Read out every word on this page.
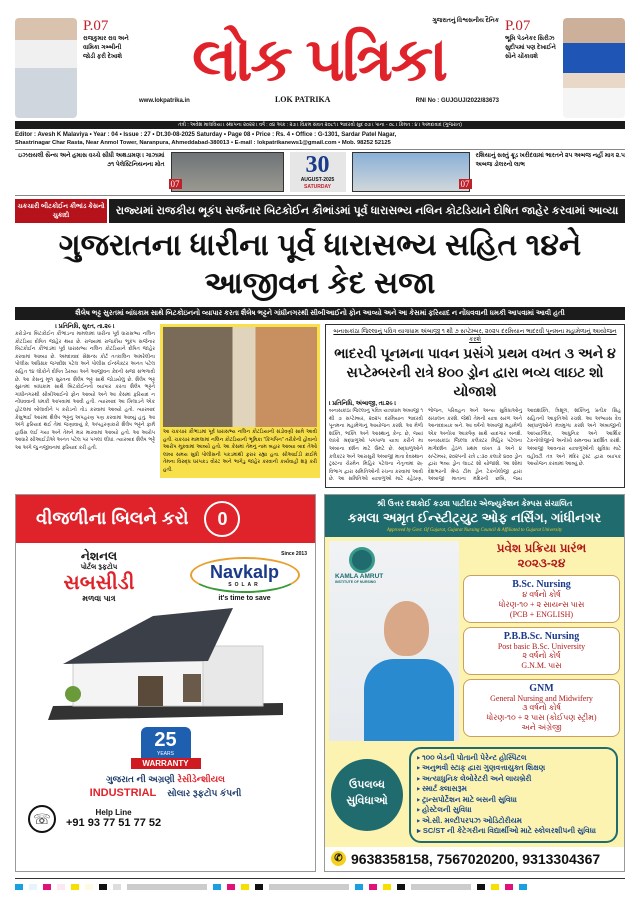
P.07
રાજકુમાર રાવ અને વામિકા ગબ્બીની જોડી ફરી દેખાશે
ગુજરાતનું વિશ્વસનીય દૈનિક
લોક પત્રિકા
www.lokpatrika.in	LOK PATRIKA	RNI No : GUJGUJ/2022/83673
P.07
ભૂમિ પેડનેકર સિરીઝ સુદીપમાં પણ દેખાઈને સૌને ચોંકાવશે
તંત્રી : અવેશ માલવિયા । સ્થાપના ૨૦૨૨ । વર્ષ : ૦૪ અંક : ૨૭ । વિક્રમ સંવત ૨૦૮૧ । ભાદરવો સુદ ૦૭ । પાના - ૦૮ । કિંમત : ૪ । અમદાવાદ (ગુજરાત)
Editor : Avesh K Malaviya • Year : 04 • Issue : 27 • Dt.30-08-2025 Saturday • Page 08 • Price : Rs. 4 • Office : G-1301, Sardar Patel Nagar,
Shastrinagar Char Rasta, Near Anmol Tower, Naranpura, Ahmeddabad-380013 • E-mail : lokpatrikanews1@gmail.com • Mob. 98252 52125
ઇઝરાયલી સૈન્ય અને હમાસ વચ્ચે સીધી અથડામણ । ગાઝામાં ૭૧ પેલેસ્ટિનિયનના મોત
07
30
AUGUST-2025
SATURDAY	07
રશિયાનું સસ્તું ક્રૂડ ખરીદવામાં ભારતને ૨૫ અબજ નહીં માત્ર ૨.૫ અબજ ડોલરનો લાભ
ચકચારી બીટકોઈન કૌભાંડ કેસનો ચુકાદો	રાજ્યમાં રાજકીય ભૂકંપ સર્જનાર બિટકોઈન કૌભાંડમાં પૂર્વ ધારાસભ્ય નલિન કોટડિયાને દોષિત જાહેર કરવામાં આવ્યા
ગુજરાતના ધારીના પૂર્વ ધારાસભ્ય સહિત ૧૪ને આજીવન કેદ સજા
શૈલેષ ભટ્ટ સુરતમાં બાંધકામ સાથે બિટકોઇનનો વ્યાપાર કરતા શૈલેષ ભટ્ટને ગાંધીનગરથી સીબીઆઈનો ફોન આવ્યો અને આ કેસમાં ફરિયાદ ન નોંધવવાની ધમકી આપવામાં આવી હતી
। પ્રતિનિધિ, સુરત, તા.૨૯ ।
કરોડોના બિટકોઈન કૌભાંડના મામલામાં ધારીના પૂર્વ ધારાસભ્ય નલિન કોટડિયા દોષિત જાહેર થયા છે. રાજ્યમાં રાજકીય ભૂકંપ સર્જનાર બિટકોઈન કૌભાંડમાં પૂર્વ ધારાસભ્ય નલિન કોટડિયાને દોષિત જાહેર કરવામાં આવ્યા છે. અમદાવાદ સેશન્સ કોર્ટ તત્કાલિન અમરેલીના પોલીસ અધિક્ષક જગદીશ પટેલ અને પોલીસ ઈન્સ્પેક્ટર અનંત પટેલ સહિત ૧૪ લોકોને દોષિત ઠેરવ્યા અને આજીવન કેદની સજા સંભળાવી છે. આ કેસનું મૂળ સુરતના શૈલેષ ભટ્ટ સાથે જોડાયેલું છે. શૈલેષ ભટ્ટ સુરતમાં બાંધકામ સાથે બિટકોઈનનો વ્યાપાર કરતા શૈલેષ ભટ્ટને ગાંધીનગરથી સીબીઆઈનો ફોન આવ્યો અને આ કેસમાં ફરિયાદ ન નોંધવવાની ધમકી આપવામાં આવી હતી. ત્યારબાદ આ ખિલાડને એક હોટલમાં બોલાવીને ૫ કરોડનો તોડ કરવામાં આવ્યો હતો. ત્યારબાદ કેસુભાઈ આરમાં શૈલેષ ભટ્ટનું અપહરણ પણ કરવામાં આવ્યું હતું. આ અંગે ફરિયાદ થઈ તેમાં જણાવાયું કે, અપહરણકારો શૈલેષ ભટ્ટને ફાર્મ હાઉસ લઈ ગયા અને તેમને માર મારવામાં આવ્યો હતો. આ આરોપ આધારે સીઆઈડીએ અનંત પટેલ પર પગલાં લીધાં. ત્યારબાદ શૈલેષ ભટ્ટે આ અંગે જુ નજીવનમાં ફરિયાદ કરી હતી.
આ ચકચાર કૌભાંડમાં પૂર્વ ધારાસભ્ય નલિન કોટડિયાની સંડોવણી સામે આવી હતી. ચકચાર મામલામાં નલિન કોટડિયાની ભૂમિકા "કિંગપિન" તરીકેની હોવાનો આરોપ મૂકવામાં આવ્યો હતો. આ કેસમાં તેમનું નામ બહાર આવ્યા બાદ તેઓ લાંબા સમય સુધી પોલીસની પકડમાંથી ફરાર રહ્યા હતા. સીઆઈડી ક્રાઈમે તેમના વિરુદ્ધ ધરપકડ વોરંટ અને ભાગેડુ જાહેર કરવાની કાર્યવાહી શરૂ કરી હતી.
બનાસકાંઠા જિલ્લાનું પવિત્ર યાત્રાધામ અંબાજી ૧ થી ૭ સપ્ટેમ્બર, ૨૦૨૫ દરમિયાન ભાદરવી પૂનમના મહામેળાનું આયોજન કરશે
ભાદરવી પૂનમના પાવન પ્રસંગે પ્રથમ વખત ૩ અને ૪ સપ્ટેમ્બરની રાત્રે ૪૦૦ ડ્રોન દ્વારા ભવ્ય લાઇટ શો યોજાશે
। પ્રતિનિધિ, અંબાજી, તા.૨૯ ।
બનાસકાંઠા જિલ્લાનું પવિત્ર યાત્રાધામ અંબાજી ૧ થી ૭ સપ્ટેમ્બર, ૨૦૨૫ દરમિયાન ભાદરવી પૂનમના મહામેળાનું આયોજન કરશે. આ મેળો શક્તિ, ભક્તિ અને આસ્થાનું કેન્દ્ર છે, જ્યાં લાખો શ્રદ્ધાળુઓ પગપાળા યાત્રા કરીને મા અંબાના દર્શન માટે ઉમટે છે. શ્રદ્ધાળુઓને કલેક્ટર અને આરાસુરી અંબાજી માતા દેવસ્થાન ટ્રસ્ટના ચેરમેન મિહિર પટેલના નેતૃત્વમાં ૨૯ વિભાગ દ્વારા સમિતિઓની રચના કરવામાં આવી છે. આ સમિતિઓ યાત્રાળુઓ માટે રહેઠાણ, ભોજન, પરિવહન અને અન્ય સુવિધાઓનું સંચાલન કરશે. જેથી તેમની યાત્રા સરળ અને આનંદદાયક બને. આ વર્ષનો અંબાજી મહામેળો એક અનોખા આકર્ષણ સાથે યાદગાર બનશે. બનાસકાંઠા જિલ્લા કલેક્ટર મિહિર પટેલના માર્ગદર્શન હેઠળ પ્રથમ વખત ૩ અને ૪ સપ્ટેમ્બર, ૨૦૨૫ની રાત્રે ૮:૩૦ કલાકે ૪૦૦ ડ્રોન દ્વારા ભવ્ય ડ્રોન લાઇટ શો યોજાશે. આ શોમાં દેશભરની શ્રેષ્ઠ ટીમ ડ્રોન ટેકનોલોજી દ્વારા અંબાજી માતાના મંદિરની છબિ, જય આદ્યશક્તિ, ત્રિશૂળ, શક્તિનું પ્રતીક સિંહ સહિતની આકૃતિઓ રચશે. આ અભ્યાસ દેવ શ્રદ્ધાળુઓને મંત્રમુગ્ધ કરશે અને અંબાજીની આધ્યાત્મિક, આધુનિક અને આર્થિક ટેકનોલોજીનો અનોખો સમન્વય પ્રદર્શિત કરશે. અંબાજી આવનારા યાત્રાળુઓની સુવિધા માટે વહીવટી તંત્ર અને મંદિર ટ્રસ્ટ દ્વારા વ્યાપક આયોજન કરવામાં આવ્યું છે.
વીજળીના બિલને કરો	0
નેશનલ
પોર્ટલ રૂફટોપ
સબસીડી
મળવા પાત્ર
Since 2013
Navkalp
SOLAR
it's time to save
25
YEARS
WARRANTY
ગુજરાત ની અગ્રણી રેસીડેન્શીયલ
INDUSTRIAL સોલાર રૂફટોપ કંપની
☏	Help Line
+91 93 77 51 77 52
શ્રી ઉત્તર દશકોઈ કડવા પાટીદાર એજ્યુકેશન કેમ્પસ સંચાલિત
કમલા અમૃત ઈન્સ્ટીટ્યુટ ઓફ નર્સિંગ, ગાંધીનગર
Approved by Govt. Of Gujarat, Gujarat Nursing Council & Affiliated to Gujarat University
KAMLA AMRUT
INSTITUTE OF NURSING
પ્રવેશ પ્રક્રિયા પ્રારંભ
૨૦૨૩-૨૪
B.Sc. Nursing
૪ વર્ષનો કોર્ષ
ધોરણ-૧૦ + ૨ સાયન્સ પાસ
(PCB + ENGLISH)
P.B.B.Sc. Nursing
Post basic B.Sc. University
૨ વર્ષનો કોર્ષ
G.N.M. પાસ
GNM
General Nursing and Midwifery
૩ વર્ષનો કોર્ષ
ધોરણ-૧૦ + ૨ પાસ (કોઈપણ સ્ટ્રીમ)
અને અંગ્રેજી
ઉપલબ્ધ સુવિધાઓ
▸ ૧૦૦ બેડની પોતાની પેરેન્ટ હોસ્પિટલ
▸ અનુભવી સ્ટાફ દ્વારા ગુણવત્તાયુક્ત શિક્ષણ
▸ અત્યાધુનિક લેબોરેટરી અને લાયબ્રેરી
▸ સ્માર્ટ ક્લાસરૂમ
▸ ટ્રાન્સપોર્ટેશન માટે બસની સુવિધા
▸ હોસ્ટેલની સુવિધા
▸ એ.સી. મલ્ટીપરપઝ ઓડિટોરીયમ
▸ SC/ST ની કેટેગરીના વિદ્યાર્થીઓ માટે સ્કોલરશીપની સુવિધા
✆ 9638358158, 7567020200, 9313304367
